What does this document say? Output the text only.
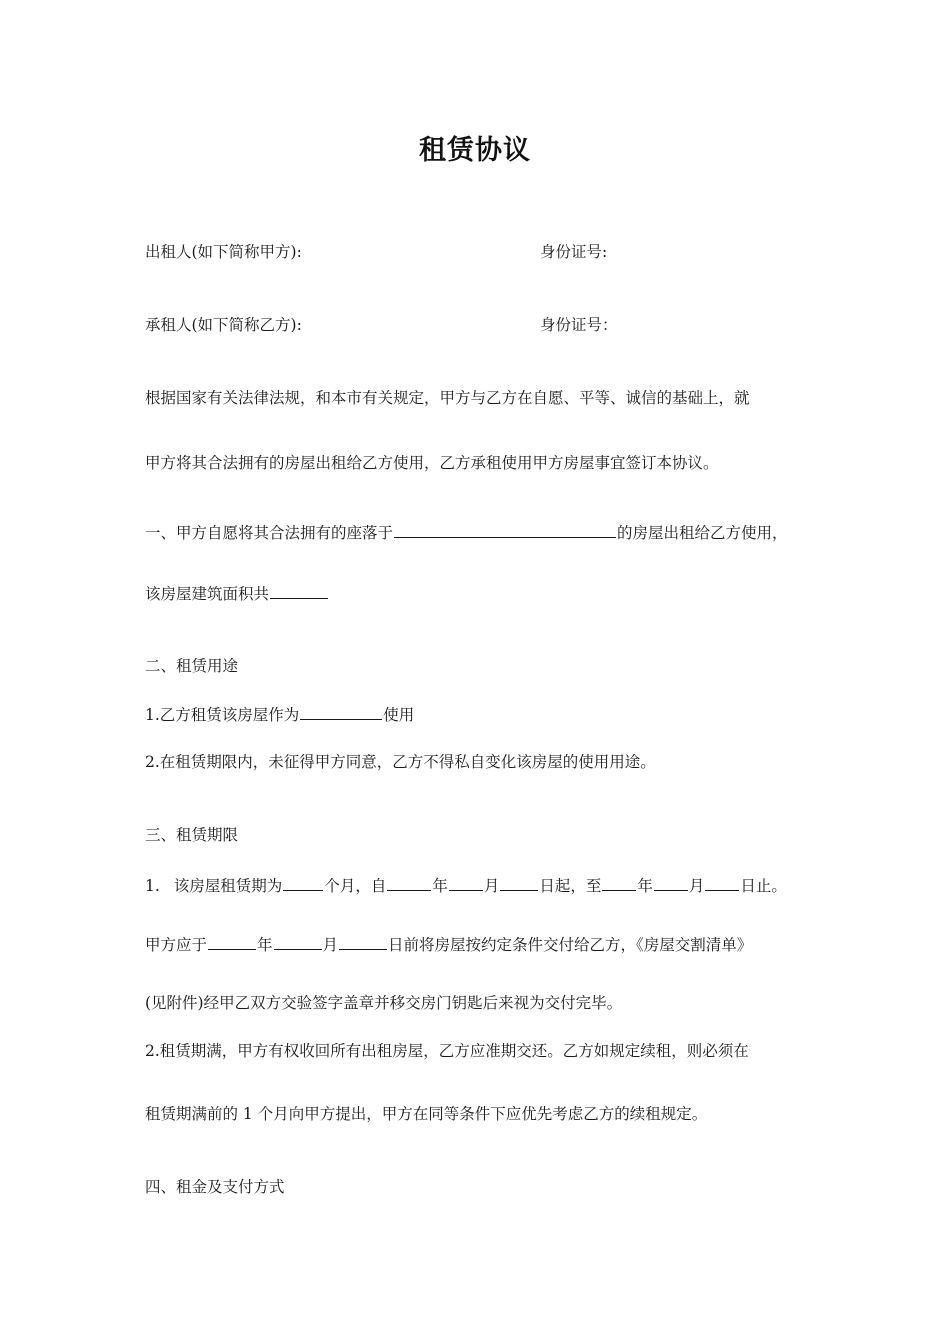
租赁协议
出租人(如下简称甲方):	身份证号:
承租人(如下简称乙方):	身份证号：
根据国家有关法律法规，和本市有关规定，甲方与乙方在自愿、平等、诚信的基础上，就
甲方将其合法拥有的房屋出租给乙方使用，乙方承租使用甲方房屋事宜签订本协议。
一、甲方自愿将其合法拥有的座落于	的房屋出租给乙方使用，
该房屋建筑面积共
二、租赁用途
1.乙方租赁该房屋作为	使用
2.在租赁期限内，未征得甲方同意，乙方不得私自变化该房屋的使用用途。
三、租赁期限
1. 该房屋租赁期为	个月，自	年 月	日起，至 年 月 日止。
甲方应于	年	月	日前将房屋按约定条件交付给乙方，《房屋交割清单》
(见附件)经甲乙双方交验签字盖章并移交房门钥匙后来视为交付完毕。
2.租赁期满，甲方有权收回所有出租房屋，乙方应准期交还。乙方如规定续租，则必须在
租赁期满前的 1 个月向甲方提出，甲方在同等条件下应优先考虑乙方的续租规定。
四、租金及支付方式
